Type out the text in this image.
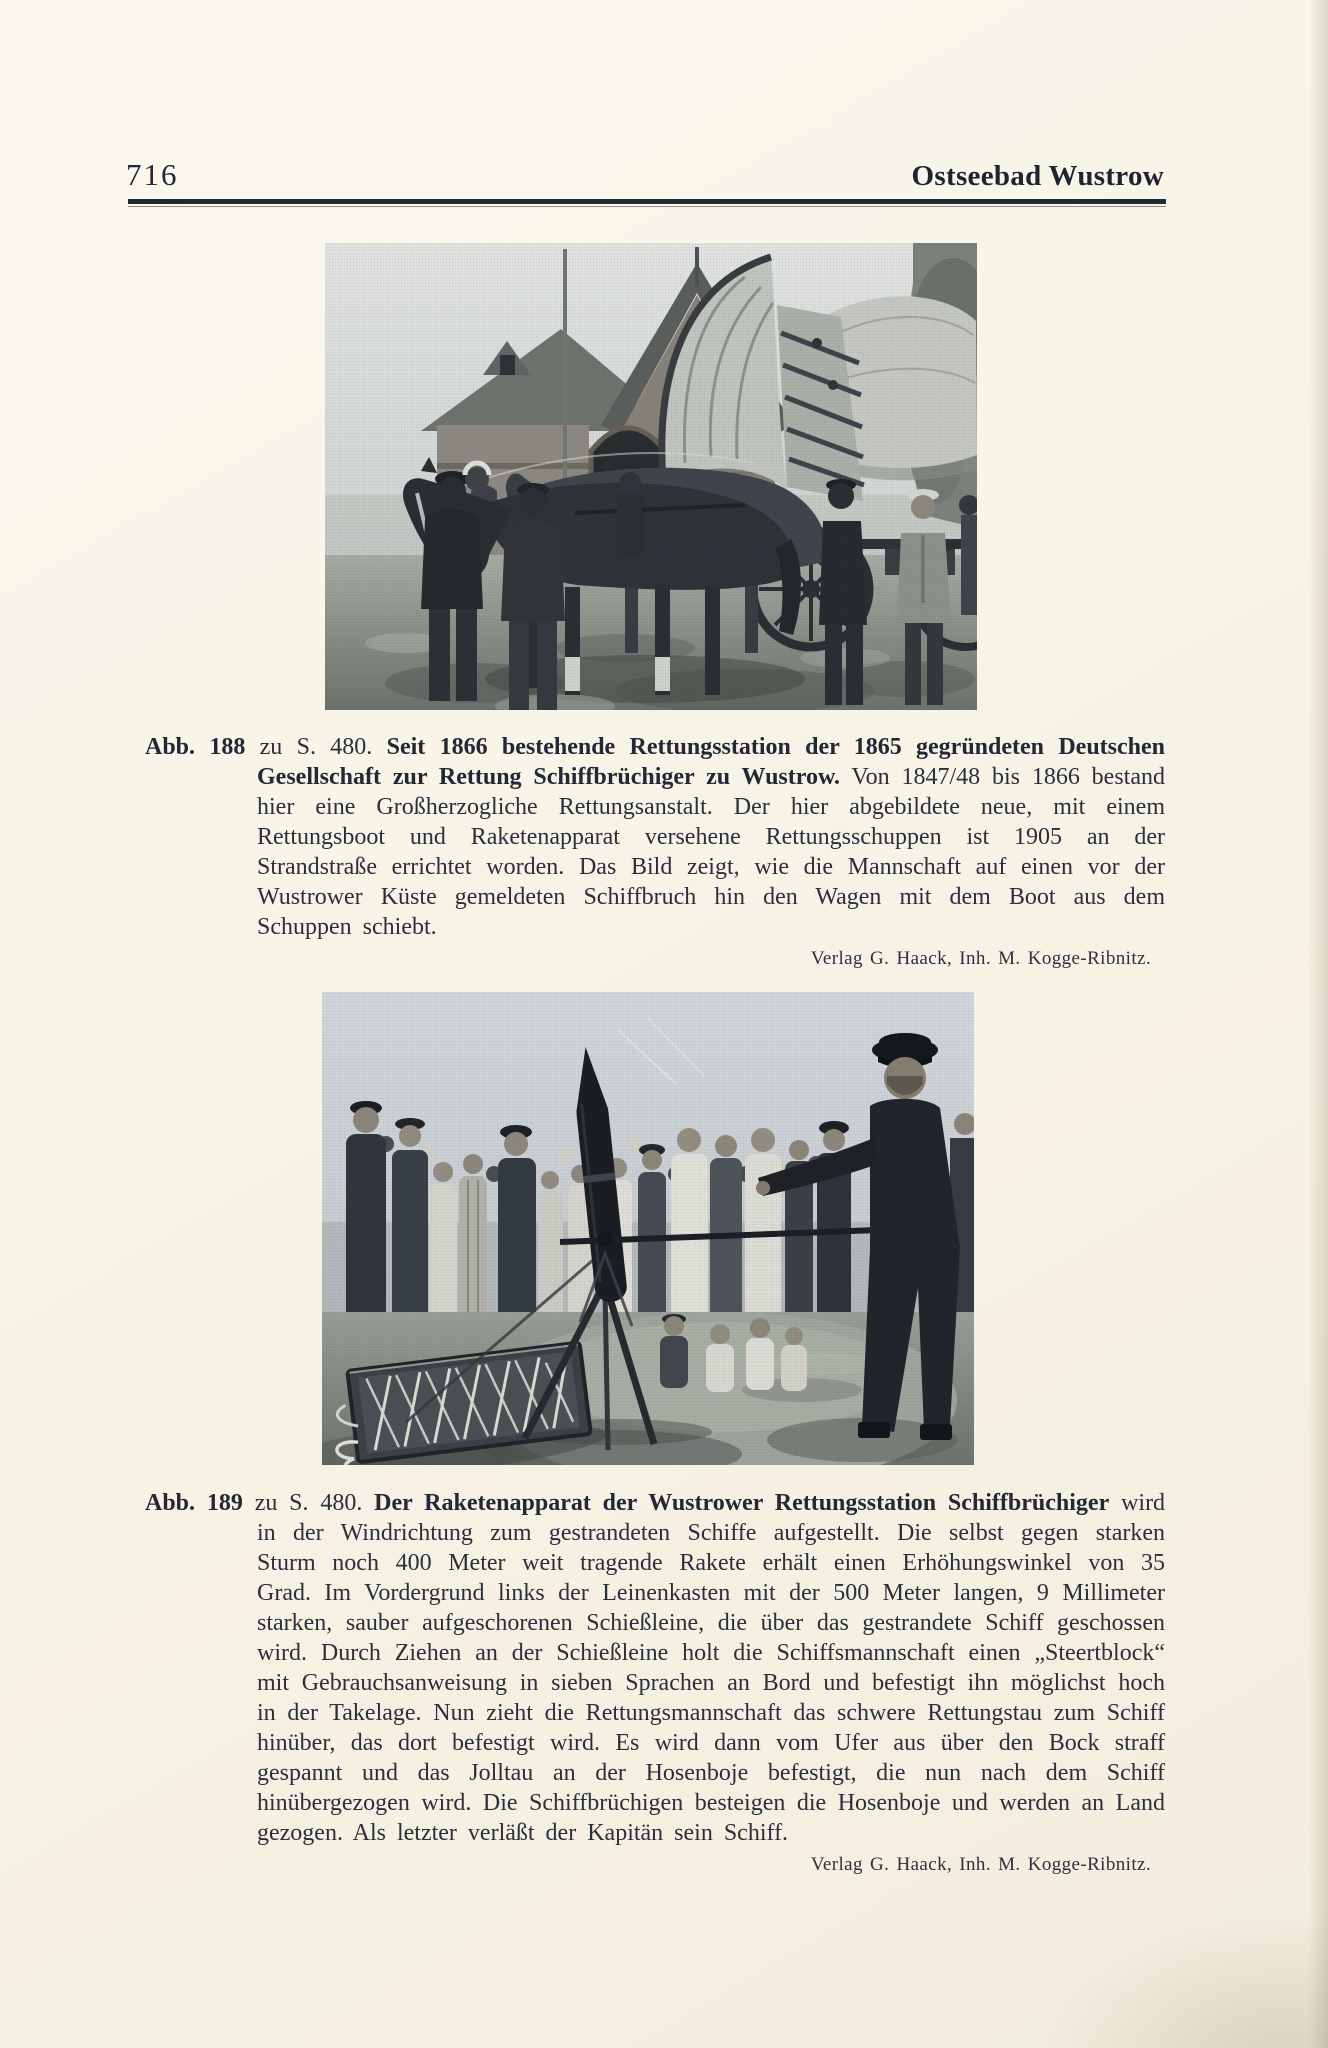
716	Ostseebad Wustrow

Abb. 188 zu S. 480. Seit 1866 bestehende Rettungsstation der 1865 gegründeten Deutschen Gesellschaft zur Rettung Schiffbrüchiger zu Wustrow. Von 1847/48 bis 1866 bestand hier eine Großherzogliche Rettungsanstalt. Der hier abgebildete neue, mit einem Rettungsboot und Raketenapparat versehene Rettungsschuppen ist 1905 an der Strandstraße errichtet worden. Das Bild zeigt, wie die Mannschaft auf einen vor der Wustrower Küste gemeldeten Schiffbruch hin den Wagen mit dem Boot aus dem Schuppen schiebt.

Verlag G. Haack, Inh. M. Kogge-Ribnitz.

Abb. 189 zu S. 480. Der Raketenapparat der Wustrower Rettungsstation Schiffbrüchiger wird in der Windrichtung zum gestrandeten Schiffe aufgestellt. Die selbst gegen starken Sturm noch 400 Meter weit tragende Rakete erhält einen Erhöhungswinkel von 35 Grad. Im Vordergrund links der Leinenkasten mit der 500 Meter langen, 9 Millimeter starken, sauber aufgeschorenen Schießleine, die über das gestrandete Schiff geschossen wird. Durch Ziehen an der Schießleine holt die Schiffsmannschaft einen „Steertblock“ mit Gebrauchsanweisung in sieben Sprachen an Bord und befestigt ihn möglichst hoch in der Takelage. Nun zieht die Rettungsmannschaft das schwere Rettungstau zum Schiff hinüber, das dort befestigt wird. Es wird dann vom Ufer aus über den Bock straff gespannt und das Jolltau an der Hosenboje befestigt, die nun nach dem Schiff hinübergezogen wird. Die Schiffbrüchigen besteigen die Hosenboje und werden an Land gezogen. Als letzter verläßt der Kapitän sein Schiff.

Verlag G. Haack, Inh. M. Kogge-Ribnitz.
